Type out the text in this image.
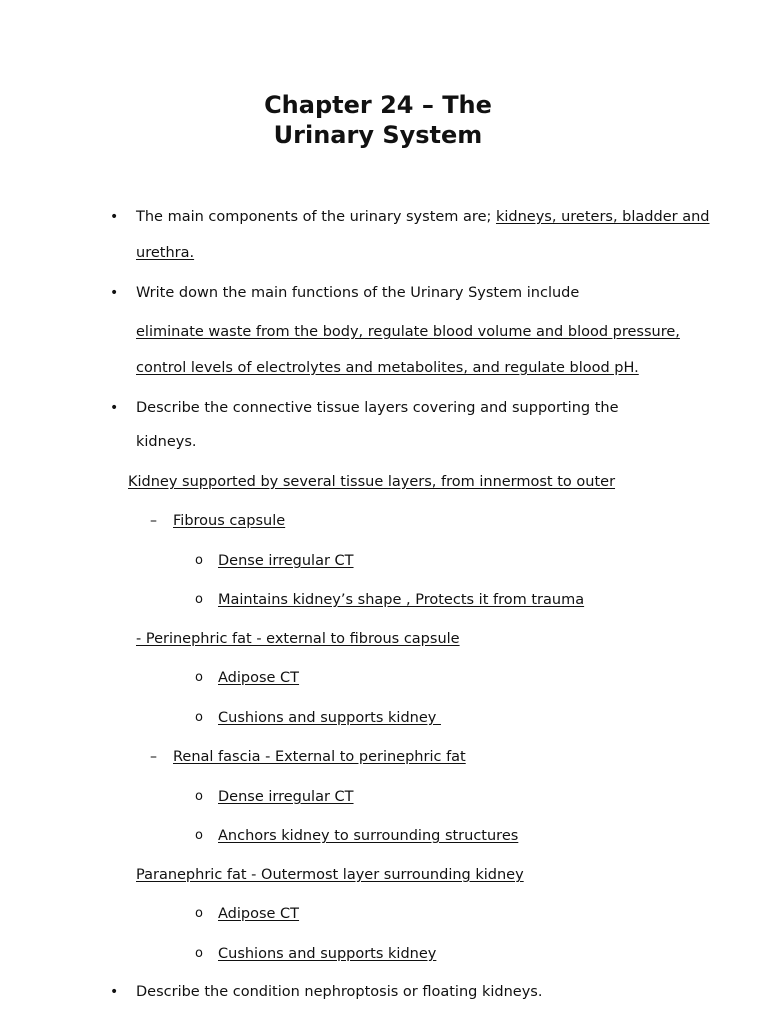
Chapter 24 – The
Urinary System
• The main components of the urinary system are; kidneys, ureters, bladder and
urethra.
• Write down the main functions of the Urinary System include
eliminate waste from the body, regulate blood volume and blood pressure,
control levels of electrolytes and metabolites, and regulate blood pH.
• Describe the connective tissue layers covering and supporting the
kidneys.
Kidney supported by several tissue layers, from innermost to outer
– Fibrous capsule
o Dense irregular CT
o Maintains kidney’s shape , Protects it from trauma
- Perinephric fat - external to fibrous capsule
o Adipose CT
o Cushions and supports kidney
– Renal fascia - External to perinephric fat
o Dense irregular CT
o Anchors kidney to surrounding structures
Paranephric fat - Outermost layer surrounding kidney
o Adipose CT
o Cushions and supports kidney
• Describe the condition nephroptosis or floating kidneys.
